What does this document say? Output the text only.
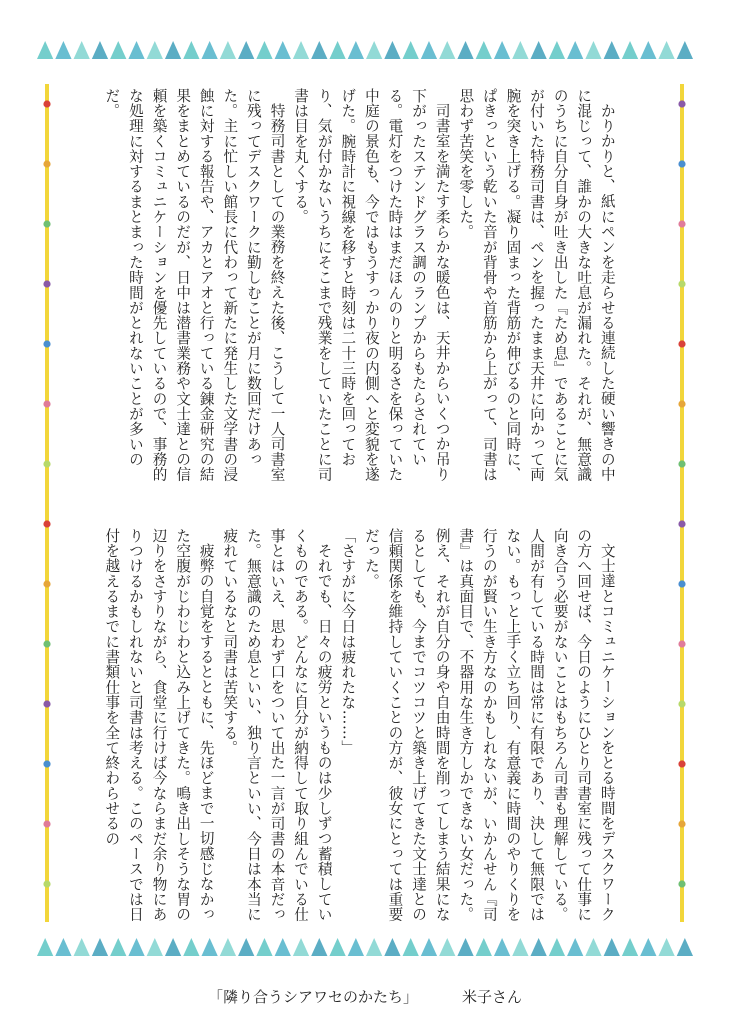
かりかりと、紙にペンを走らせる連続した硬い響きの中に混じって、誰かの大きな吐息が漏れた。それが、無意識のうちに自分自身が吐き出した『ため息』であることに気が付いた特務司書は、ペンを握ったまま天井に向かって両腕を突き上げる。凝り固まった背筋が伸びるのと同時に、ぱきっという乾いた音が背骨や首筋から上がって、司書は思わず苦笑を零した。
司書室を満たす柔らかな暖色は、天井からいくつか吊り下がったステンドグラス調のランプからもたらされている。電灯をつけた時はまだほんのりと明るさを保っていた中庭の景色も、今ではもうすっかり夜の内側へと変貌を遂げた。腕時計に視線を移すと時刻は二十三時を回っており、気が付かないうちにそこまで残業をしていたことに司書は目を丸くする。
特務司書としての業務を終えた後、こうして一人司書室に残ってデスクワークに勤しむことが月に数回だけあった。主に忙しい館長に代わって新たに発生した文学書の浸蝕に対する報告や、アカとアオと行っている錬金研究の結果をまとめているのだが、日中は潜書業務や文士達との信頼を築くコミュニケーションを優先しているので、事務的な処理に対するまとまった時間がとれないことが多いのだ。

文士達とコミュニケーションをとる時間をデスクワークの方へ回せば、今日のようにひとり司書室に残って仕事に向き合う必要がないことはもちろん司書も理解している。人間が有している時間は常に有限であり、決して無限ではない。もっと上手く立ち回り、有意義に時間のやりくりを行うのが賢い生き方なのかもしれないが、いかんせん『司書』は真面目で、不器用な生き方しかできない女だった。例え、それが自分の身や自由時間を削ってしまう結果になるとしても、今までコツコツと築き上げてきた文士達との信頼関係を維持していくことの方が、彼女にとっては重要だった。
「さすがに今日は疲れたな……」
それでも、日々の疲労というものは少しずつ蓄積していくものである。どんなに自分が納得して取り組んでいる仕事とはいえ、思わず口をついて出た一言が司書の本音だった。無意識のため息といい、独り言といい、今日は本当に疲れているなと司書は苦笑する。
疲弊の自覚をするとともに、先ほどまで一切感じなかった空腹がじわじわと込み上げてきた。鳴き出しそうな胃の辺りをさすりながら、食堂に行けば今ならまだ余り物にありつけるかもしれないと司書は考える。このペースでは日付を越えるまでに書類仕事を全て終わらせるの

「隣り合うシアワセのかたち」	米子さん
